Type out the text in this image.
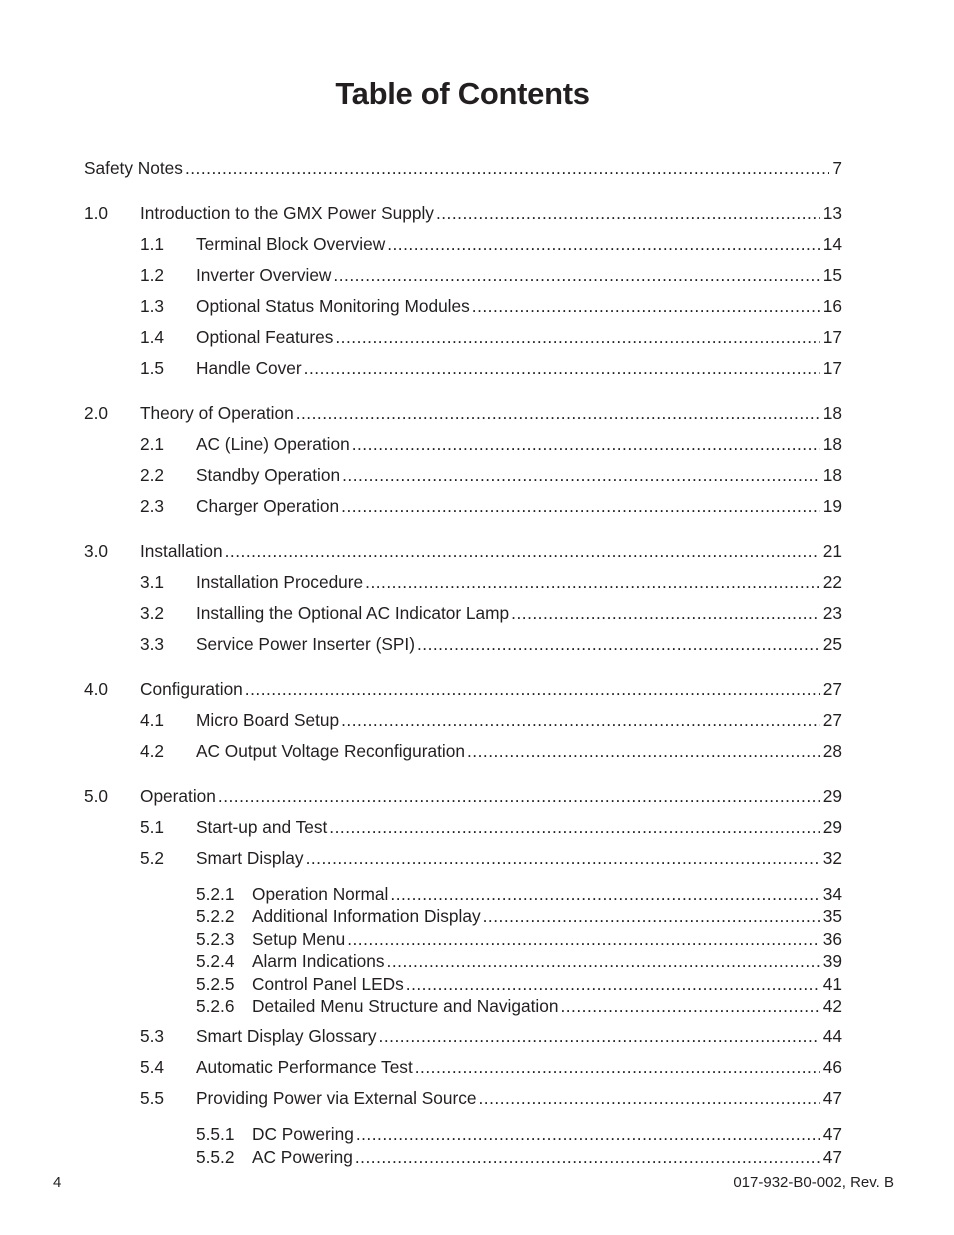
Table of Contents
Safety Notes .....	7
1.0	Introduction to the GMX Power Supply .....	13
1.1	Terminal Block Overview .....	14
1.2	Inverter Overview .....	15
1.3	Optional Status Monitoring Modules .....	16
1.4	Optional Features .....	17
1.5	Handle Cover .....	17
2.0	Theory of Operation .....	18
2.1	AC (Line) Operation .....	18
2.2	Standby Operation .....	18
2.3	Charger Operation .....	19
3.0	Installation .....	21
3.1	Installation Procedure .....	22
3.2	Installing the Optional AC Indicator Lamp .....	23
3.3	Service Power Inserter (SPI) .....	25
4.0	Configuration .....	27
4.1	Micro Board Setup .....	27
4.2	AC Output Voltage Reconfiguration .....	28
5.0	Operation .....	29
5.1	Start-up and Test .....	29
5.2	Smart Display .....	32
5.2.1	Operation Normal .....	34
5.2.2	Additional Information Display .....	35
5.2.3	Setup Menu .....	36
5.2.4	Alarm Indications .....	39
5.2.5	Control Panel LEDs .....	41
5.2.6	Detailed Menu Structure and Navigation .....	42
5.3	Smart Display Glossary .....	44
5.4	Automatic Performance Test .....	46
5.5	Providing Power via External Source .....	47
5.5.1	DC Powering .....	47
5.5.2	AC Powering .....	47
4	017-932-B0-002, Rev. B
